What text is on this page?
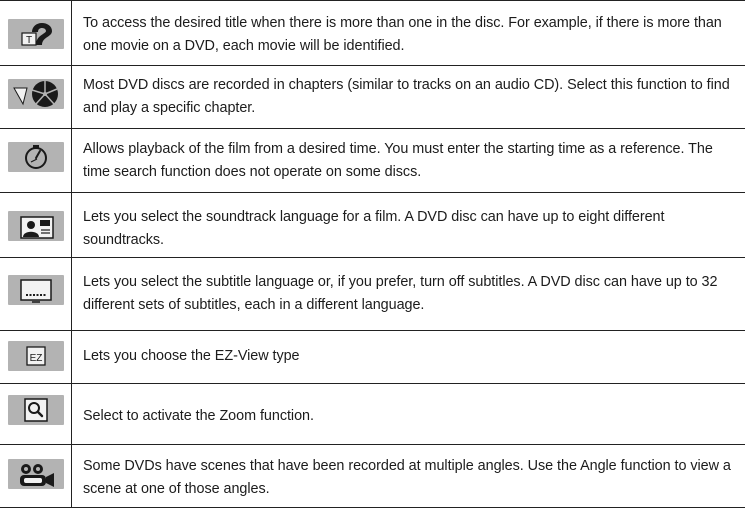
T
To access the desired title when there is more than one in the disc. For example, if there is more than one movie on a DVD, each movie will be identified.
Most DVD discs are recorded in chapters (similar to tracks on an audio CD). Select this function to find and play a specific chapter.
Allows playback of the film from a desired time. You must enter the starting time as a reference. The time search function does not operate on some discs.
Lets you select the soundtrack language for a film. A DVD disc can have up to eight different soundtracks.
Lets you select the subtitle language or, if you prefer, turn off subtitles. A DVD disc can have up to 32 different sets of subtitles, each in a different language.
EZ	Lets you choose the EZ-View type
Select to activate the Zoom function.
Some DVDs have scenes that have been recorded at multiple angles. Use the Angle function to view a scene at one of those angles.
